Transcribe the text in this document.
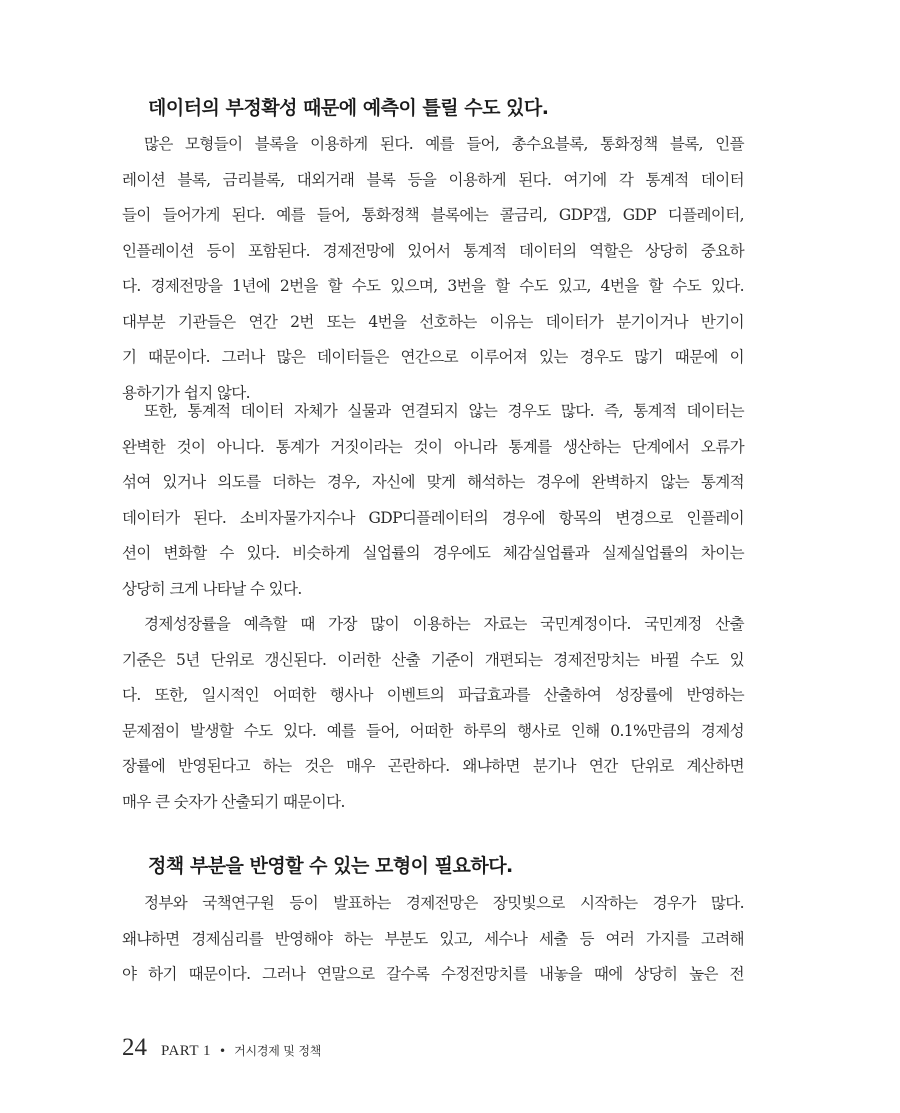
데이터의 부정확성 때문에 예측이 틀릴 수도 있다.
많은 모형들이 블록을 이용하게 된다. 예를 들어, 총수요블록, 통화정책 블록, 인플
레이션 블록, 금리블록, 대외거래 블록 등을 이용하게 된다. 여기에 각 통계적 데이터
들이 들어가게 된다. 예를 들어, 통화정책 블록에는 콜금리, GDP갭, GDP 디플레이터,
인플레이션 등이 포함된다. 경제전망에 있어서 통계적 데이터의 역할은 상당히 중요하
다. 경제전망을 1년에 2번을 할 수도 있으며, 3번을 할 수도 있고, 4번을 할 수도 있다.
대부분 기관들은 연간 2번 또는 4번을 선호하는 이유는 데이터가 분기이거나 반기이
기 때문이다. 그러나 많은 데이터들은 연간으로 이루어져 있는 경우도 많기 때문에 이
용하기가 쉽지 않다.
또한, 통계적 데이터 자체가 실물과 연결되지 않는 경우도 많다. 즉, 통계적 데이터는
완벽한 것이 아니다. 통계가 거짓이라는 것이 아니라 통계를 생산하는 단계에서 오류가
섞여 있거나 의도를 더하는 경우, 자신에 맞게 해석하는 경우에 완벽하지 않는 통계적
데이터가 된다. 소비자물가지수나 GDP디플레이터의 경우에 항목의 변경으로 인플레이
션이 변화할 수 있다. 비슷하게 실업률의 경우에도 체감실업률과 실제실업률의 차이는
상당히 크게 나타날 수 있다.
경제성장률을 예측할 때 가장 많이 이용하는 자료는 국민계정이다. 국민계정 산출
기준은 5년 단위로 갱신된다. 이러한 산출 기준이 개편되는 경제전망치는 바뀔 수도 있
다. 또한, 일시적인 어떠한 행사나 이벤트의 파급효과를 산출하여 성장률에 반영하는
문제점이 발생할 수도 있다. 예를 들어, 어떠한 하루의 행사로 인해 0.1%만큼의 경제성
장률에 반영된다고 하는 것은 매우 곤란하다. 왜냐하면 분기나 연간 단위로 계산하면
매우 큰 숫자가 산출되기 때문이다.
정책 부분을 반영할 수 있는 모형이 필요하다.
정부와 국책연구원 등이 발표하는 경제전망은 장밋빛으로 시작하는 경우가 많다.
왜냐하면 경제심리를 반영해야 하는 부분도 있고, 세수나 세출 등 여러 가지를 고려해
야 하기 때문이다. 그러나 연말으로 갈수록 수정전망치를 내놓을 때에 상당히 높은 전
24 PART 1 • 거시경제 및 정책
